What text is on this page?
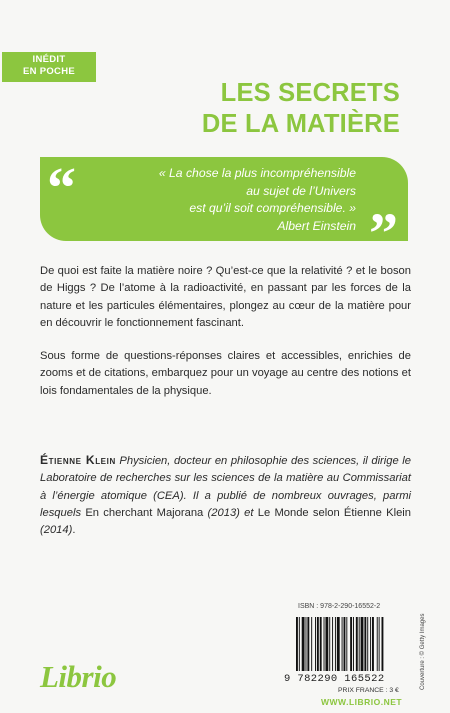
INÉDIT
EN POCHE
LES SECRETS
DE LA MATIÈRE
“	« La chose la plus incompréhensible
au sujet de l’Univers
est qu’il soit compréhensible. »
Albert Einstein ”
De quoi est faite la matière noire ? Qu’est-ce que la relativité ? et le boson de Higgs ? De l’atome à la radioactivité, en passant par les forces de la nature et les particules élémentaires, plongez au cœur de la matière pour en découvrir le fonctionnement fascinant.
Sous forme de questions-réponses claires et accessibles, enrichies de zooms et de citations, embarquez pour un voyage au centre des notions et lois fondamentales de la physique.
Étienne Klein Physicien, docteur en philosophie des sciences, il dirige le Laboratoire de recherches sur les sciences de la matière au Commissariat à l’énergie atomique (CEA). Il a publié de nombreux ouvrages, parmi lesquels En cherchant Majorana (2013) et Le Monde selon Étienne Klein (2014).
Librio
ISBN : 978-2-290-16552-2
9 782290 165522
PRIX FRANCE : 3 €
WWW.LIBRIO.NET
Couverture : © Getty Images
